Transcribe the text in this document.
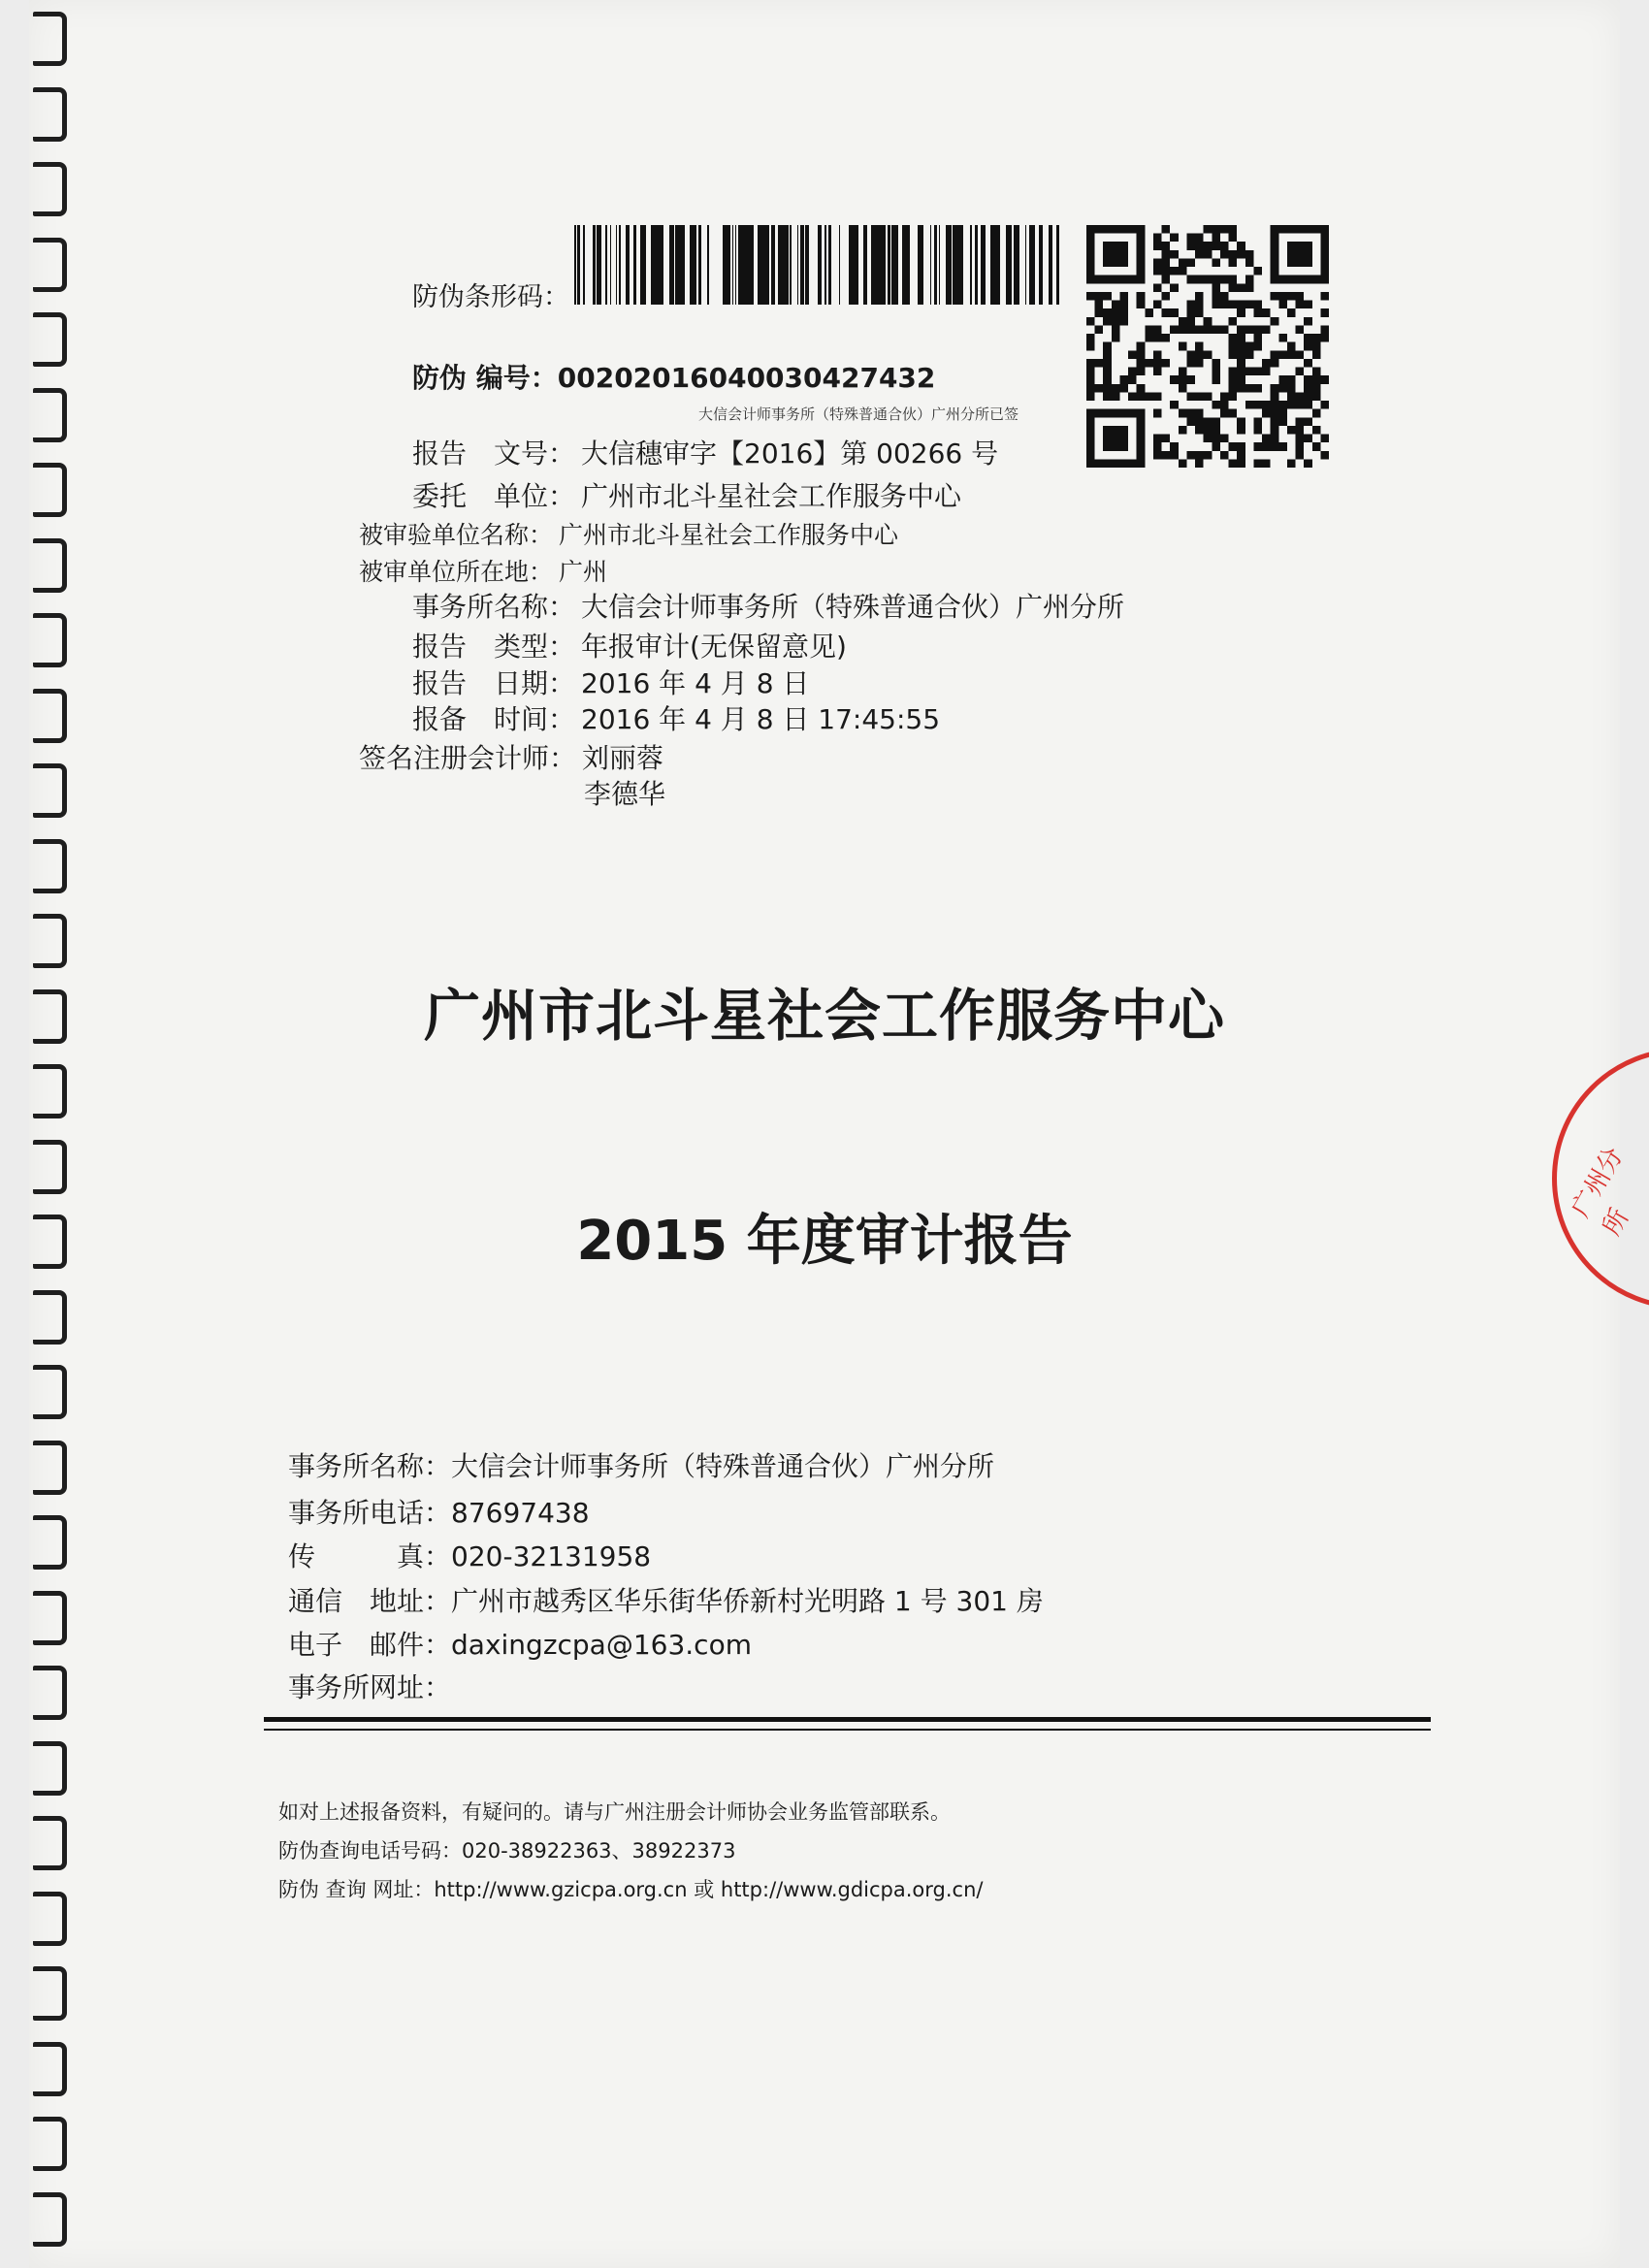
防伪条形码：
防伪 编号：00202016040030427432
大信会计师事务所（特殊普通合伙）广州分所已签
报告　文号： 大信穗审字【2016】第 00266 号
委托　单位： 广州市北斗星社会工作服务中心
被审验单位名称： 广州市北斗星社会工作服务中心
被审单位所在地： 广州
事务所名称： 大信会计师事务所（特殊普通合伙）广州分所
报告　类型： 年报审计(无保留意见)
报告　日期： 2016 年 4 月 8 日
报备　时间： 2016 年 4 月 8 日 17:45:55
签名注册会计师： 刘丽蓉
李德华
广州市北斗星社会工作服务中心
2015 年度审计报告
事务所名称：大信会计师事务所（特殊普通合伙）广州分所
事务所电话：87697438
传　　　真：020-32131958
通信　地址：广州市越秀区华乐街华侨新村光明路 1 号 301 房
电子　邮件：daxingzcpa@163.com
事务所网址：
如对上述报备资料，有疑问的。请与广州注册会计师协会业务监管部联系。
防伪查询电话号码：020-38922363、38922373
防伪 查询 网址：http://www.gzicpa.org.cn 或 http://www.gdicpa.org.cn/
广州分所
